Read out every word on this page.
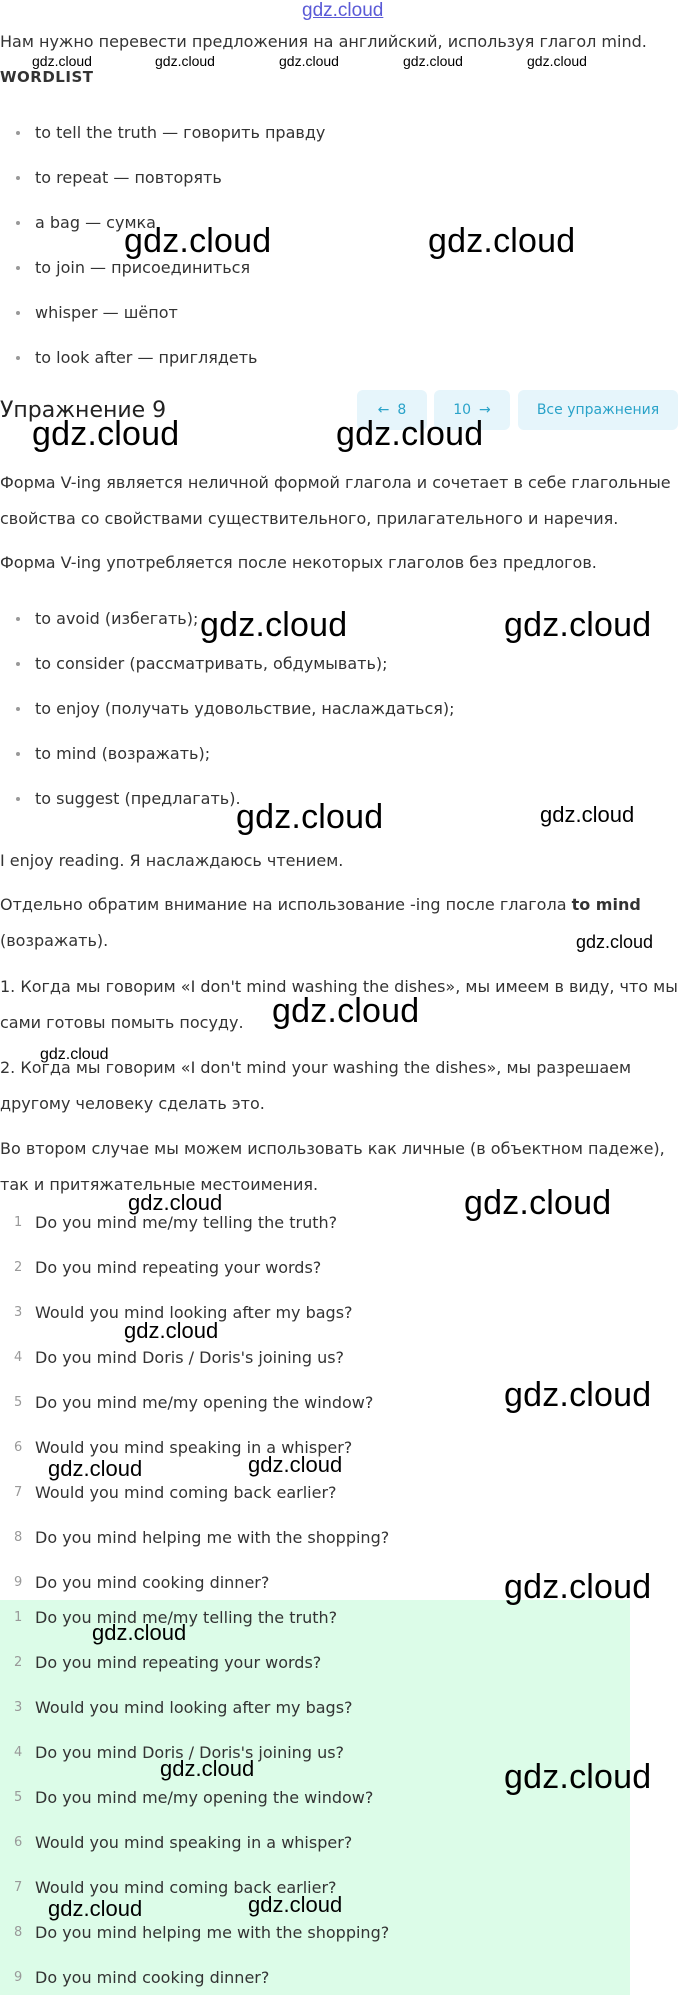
gdz.cloud
Нам нужно перевести предложения на английский, используя глагол mind.
gdz.cloud	gdz.cloud	gdz.cloud	gdz.cloud	gdz.cloud
WORDLIST
to tell the truth — говорить правду
to repeat — повторять
a bag — сумка
to join — присоединиться
whisper — шёпот
to look after — приглядеть
gdz.cloud	gdz.cloud
Упражнение 9	← 8	10 →	Все упражнения
gdz.cloud	gdz.cloud
Форма V-ing является неличной формой глагола и сочетает в себе глагольные
свойства со свойствами существительного, прилагательного и наречия.
Форма V-ing употребляется после некоторых глаголов без предлогов.
to avoid (избегать);
to consider (рассматривать, обдумывать);
to enjoy (получать удовольствие, наслаждаться);
to mind (возражать);
to suggest (предлагать).
gdz.cloud	gdz.cloud
gdz.cloud	gdz.cloud
I enjoy reading. Я наслаждаюсь чтением.
Отдельно обратим внимание на использование -ing после глагола to mind
(возражать).	gdz.cloud
1. Когда мы говорим «I don't mind washing the dishes», мы имеем в виду, что мы
сами готовы помыть посуду. gdz.cloud
gdz.cloud
2. Когда мы говорим «I don't mind your washing the dishes», мы разрешаем
другому человеку сделать это.
Во втором случае мы можем использовать как личные (в объектном падеже),
так и притяжательные местоимения.
gdz.cloud	gdz.cloud
1 Do you mind me/my telling the truth?
2 Do you mind repeating your words?
3 Would you mind looking after my bags?
4 Do you mind Doris / Doris's joining us?
5 Do you mind me/my opening the window?
6 Would you mind speaking in a whisper?
7 Would you mind coming back earlier?
8 Do you mind helping me with the shopping?
9 Do you mind cooking dinner?
gdz.cloud
gdz.cloud
gdz.cloud	gdz.cloud
1 Do you mind me/my telling the truth?
2 Do you mind repeating your words?
3 Would you mind looking after my bags?
4 Do you mind Doris / Doris's joining us?
5 Do you mind me/my opening the window?
6 Would you mind speaking in a whisper?
7 Would you mind coming back earlier?
8 Do you mind helping me with the shopping?
9 Do you mind cooking dinner?
gdz.cloud
gdz.cloud
gdz.cloud	gdz.cloud
gdz.cloud	gdz.cloud
